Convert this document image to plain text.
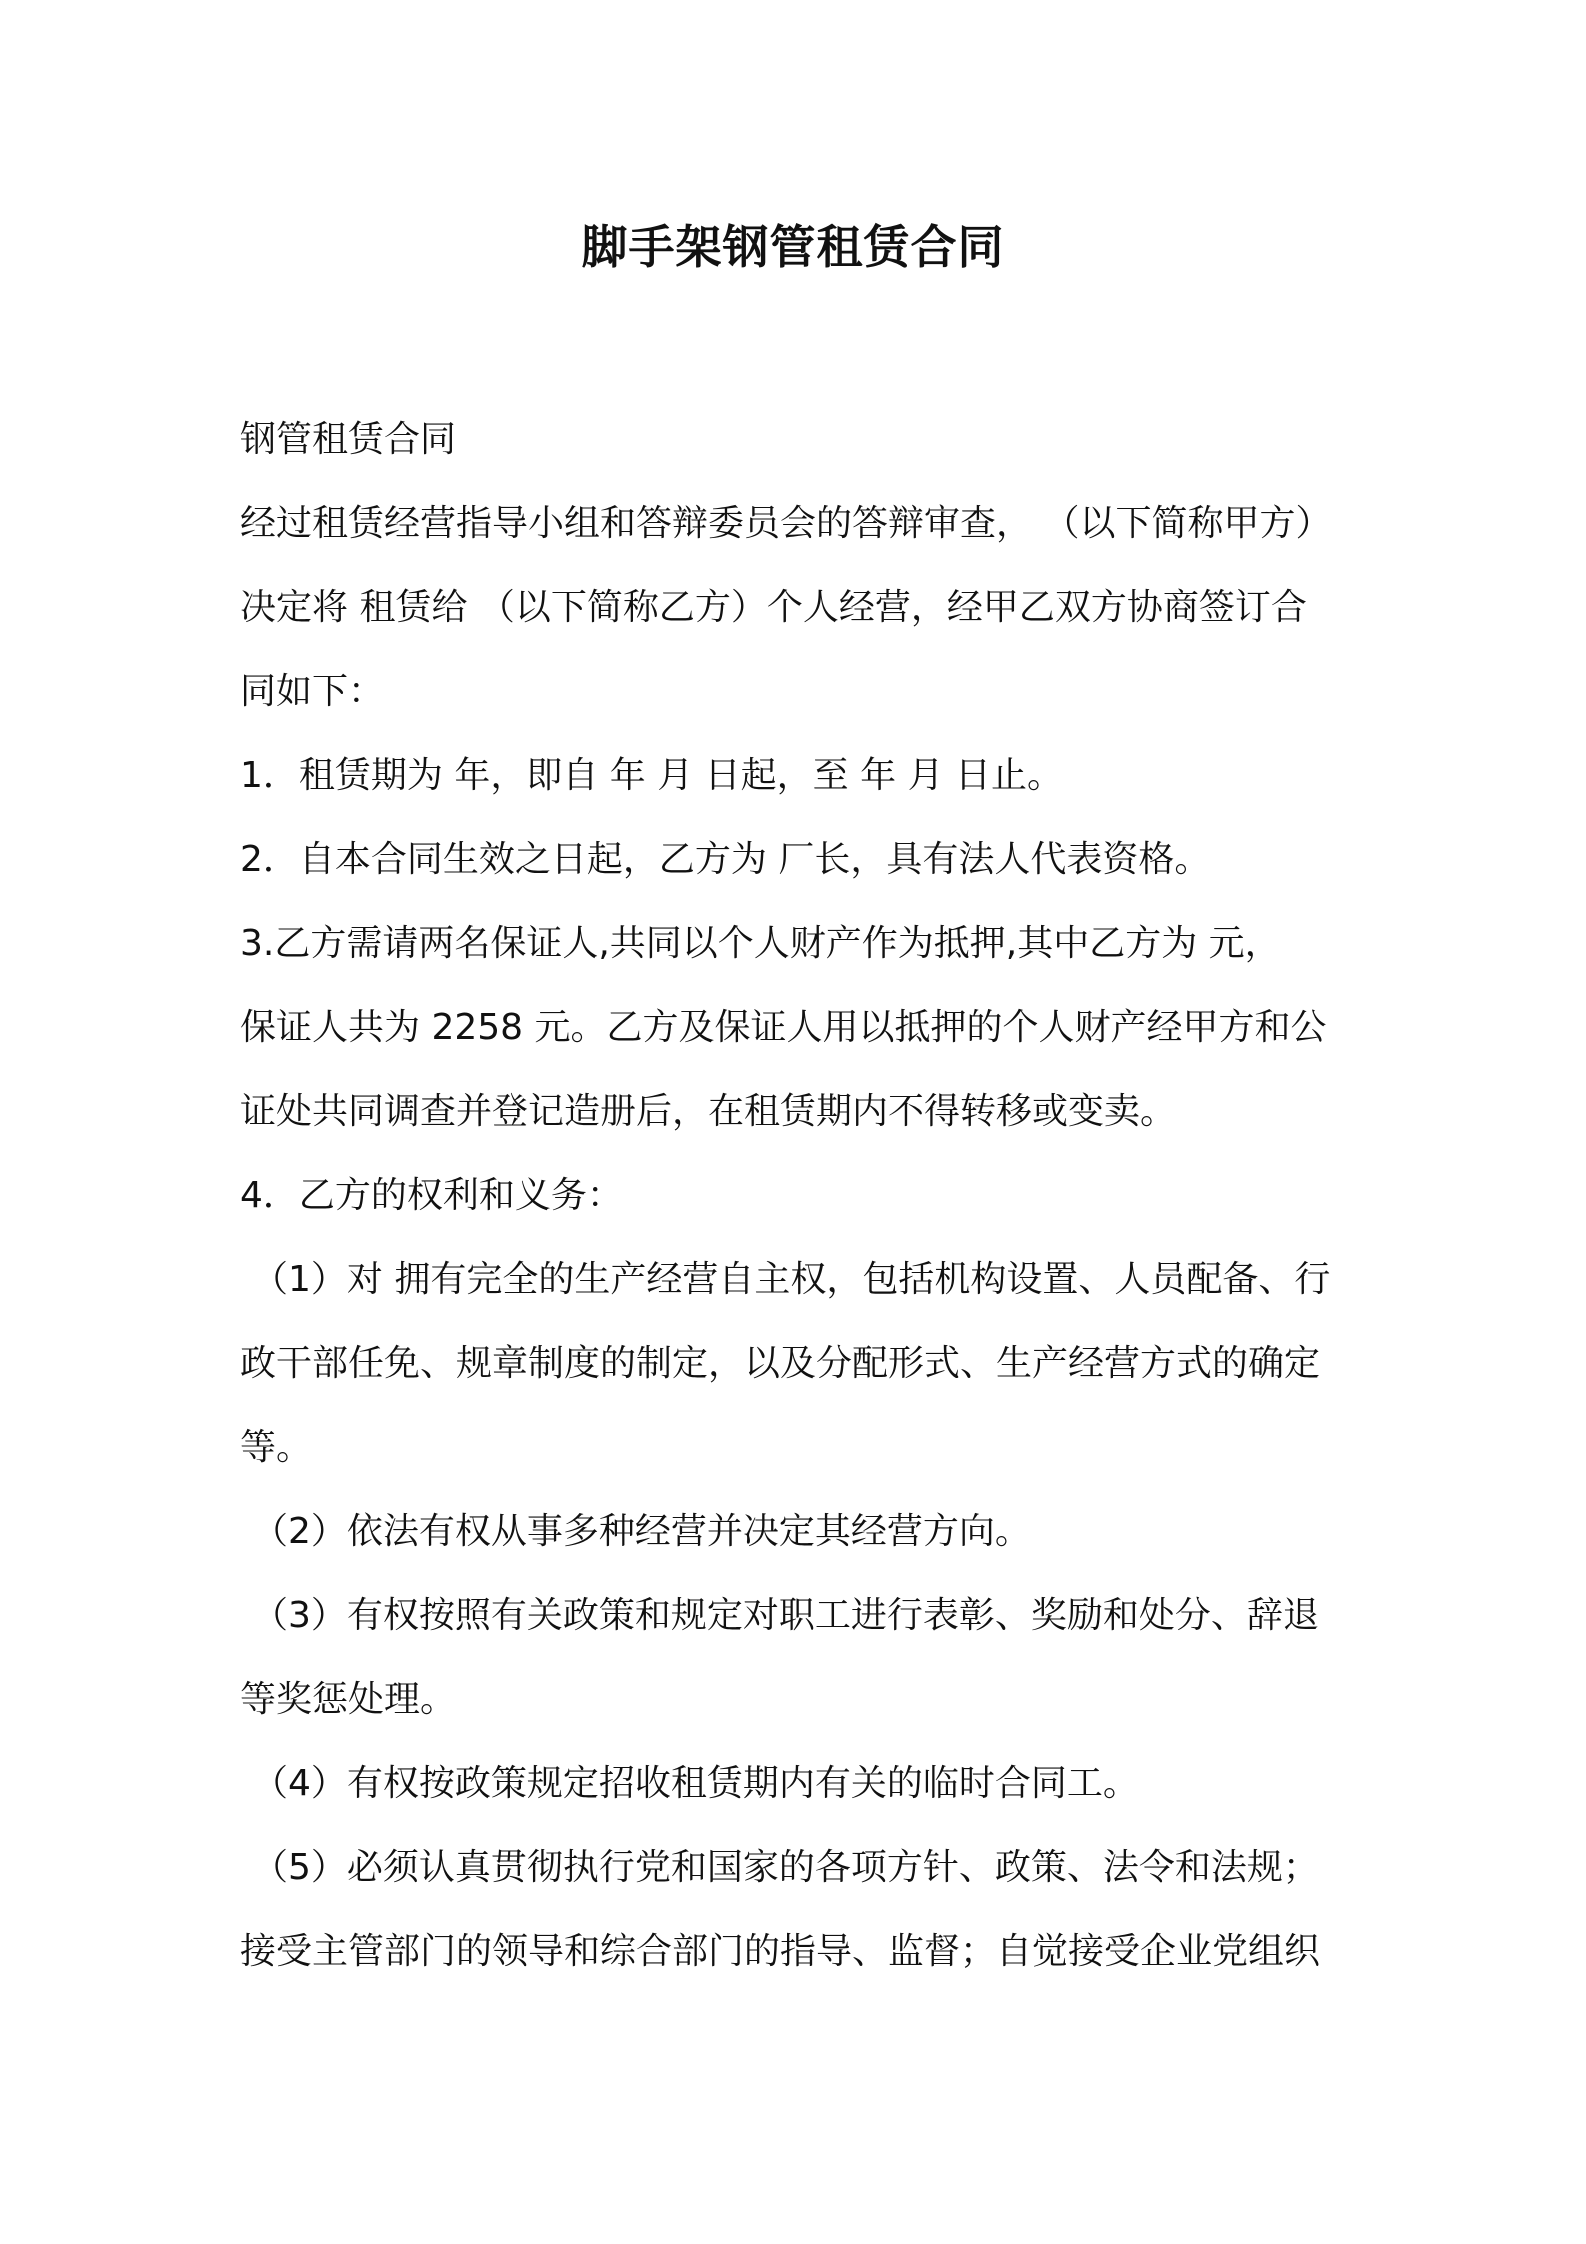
脚手架钢管租赁合同
钢管租赁合同
经过租赁经营指导小组和答辩委员会的答辩审查， （以下简称甲方）
决定将 租赁给 （以下简称乙方）个人经营，经甲乙双方协商签订合
同如下：
1．租赁期为 年，即自 年 月 日起，至 年 月 日止。
2．自本合同生效之日起，乙方为 厂长，具有法人代表资格。
3.乙方需请两名保证人,共同以个人财产作为抵押,其中乙方为 元，
保证人共为 2258 元。乙方及保证人用以抵押的个人财产经甲方和公
证处共同调查并登记造册后，在租赁期内不得转移或变卖。
4．乙方的权利和义务：
（1）对 拥有完全的生产经营自主权，包括机构设置、人员配备、行
政干部任免、规章制度的制定，以及分配形式、生产经营方式的确定
等。
（2）依法有权从事多种经营并决定其经营方向。
（3）有权按照有关政策和规定对职工进行表彰、奖励和处分、辞退
等奖惩处理。
（4）有权按政策规定招收租赁期内有关的临时合同工。
（5）必须认真贯彻执行党和国家的各项方针、政策、法令和法规；
接受主管部门的领导和综合部门的指导、监督；自觉接受企业党组织
